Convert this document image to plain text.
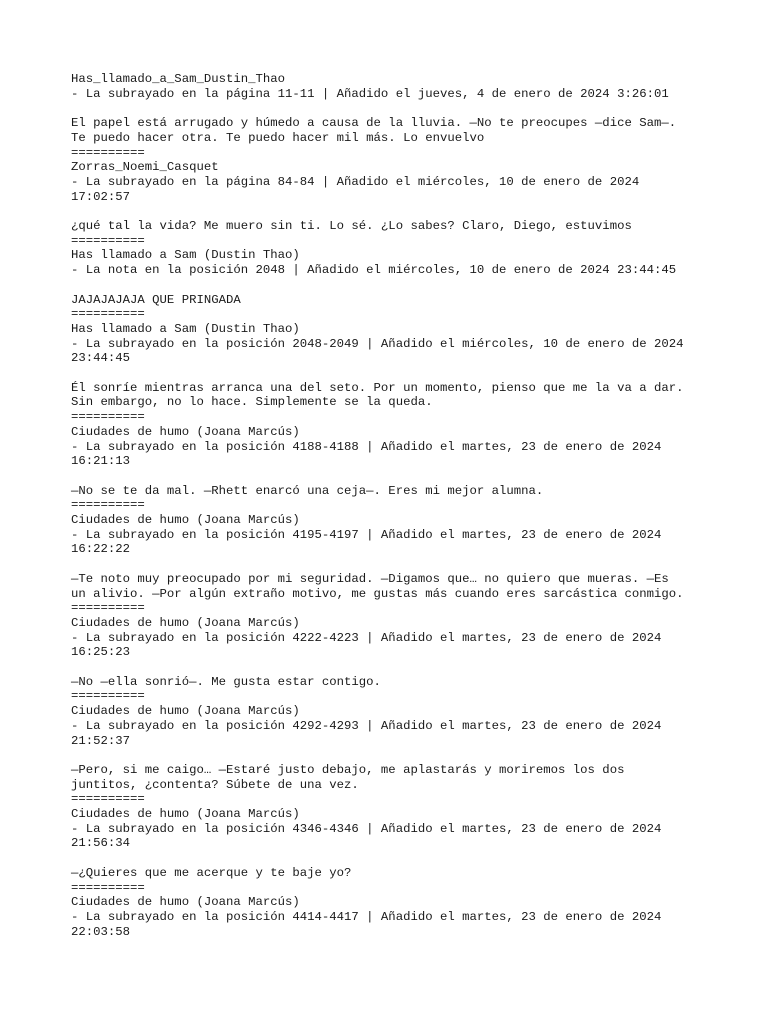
Has_llamado_a_Sam_Dustin_Thao
- La subrayado en la página 11-11 | Añadido el jueves, 4 de enero de 2024 3:26:01
El papel está arrugado y húmedo a causa de la lluvia. —No te preocupes —dice Sam—.
Te puedo hacer otra. Te puedo hacer mil más. Lo envuelvo
==========
Zorras_Noemi_Casquet
- La subrayado en la página 84-84 | Añadido el miércoles, 10 de enero de 2024
17:02:57
¿qué tal la vida? Me muero sin ti. Lo sé. ¿Lo sabes? Claro, Diego, estuvimos
==========
Has llamado a Sam (Dustin Thao)
- La nota en la posición 2048 | Añadido el miércoles, 10 de enero de 2024 23:44:45
JAJAJAJAJA QUE PRINGADA
==========
Has llamado a Sam (Dustin Thao)
- La subrayado en la posición 2048-2049 | Añadido el miércoles, 10 de enero de 2024
23:44:45
Él sonríe mientras arranca una del seto. Por un momento, pienso que me la va a dar.
Sin embargo, no lo hace. Simplemente se la queda.
==========
Ciudades de humo (Joana Marcús)
- La subrayado en la posición 4188-4188 | Añadido el martes, 23 de enero de 2024
16:21:13
—No se te da mal. —Rhett enarcó una ceja—. Eres mi mejor alumna.
==========
Ciudades de humo (Joana Marcús)
- La subrayado en la posición 4195-4197 | Añadido el martes, 23 de enero de 2024
16:22:22
—Te noto muy preocupado por mi seguridad. —Digamos que… no quiero que mueras. —Es
un alivio. —Por algún extraño motivo, me gustas más cuando eres sarcástica conmigo.
==========
Ciudades de humo (Joana Marcús)
- La subrayado en la posición 4222-4223 | Añadido el martes, 23 de enero de 2024
16:25:23
—No —ella sonrió—. Me gusta estar contigo.
==========
Ciudades de humo (Joana Marcús)
- La subrayado en la posición 4292-4293 | Añadido el martes, 23 de enero de 2024
21:52:37
—Pero, si me caigo… —Estaré justo debajo, me aplastarás y moriremos los dos
juntitos, ¿contenta? Súbete de una vez.
==========
Ciudades de humo (Joana Marcús)
- La subrayado en la posición 4346-4346 | Añadido el martes, 23 de enero de 2024
21:56:34
—¿Quieres que me acerque y te baje yo?
==========
Ciudades de humo (Joana Marcús)
- La subrayado en la posición 4414-4417 | Añadido el martes, 23 de enero de 2024
22:03:58
